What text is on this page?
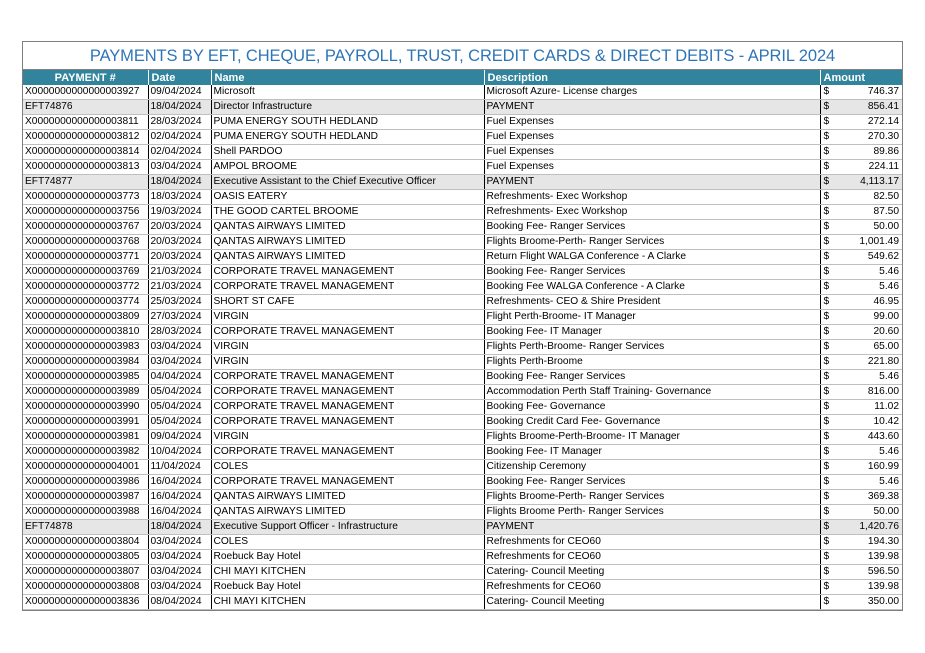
PAYMENTS BY EFT, CHEQUE, PAYROLL, TRUST, CREDIT CARDS & DIRECT DEBITS - APRIL 2024
PAYMENT #	Date	Name	Description	Amount
X0000000000000003927	09/04/2024	Microsoft	Microsoft Azure- License charges	$ 746.37

EFT74876	18/04/2024	Director Infrastructure	PAYMENT	$ 856.41

X0000000000000003811	28/03/2024	PUMA ENERGY SOUTH HEDLAND	Fuel Expenses	$ 272.14

X0000000000000003812	02/04/2024	PUMA ENERGY SOUTH HEDLAND	Fuel Expenses	$ 270.30

X0000000000000003814	02/04/2024	Shell PARDOO	Fuel Expenses	$ 89.86

X0000000000000003813	03/04/2024	AMPOL BROOME	Fuel Expenses	$ 224.11

EFT74877	18/04/2024	Executive Assistant to the Chief Executive Officer	PAYMENT	$ 4,113.17

X0000000000000003773	18/03/2024	OASIS EATERY	Refreshments- Exec Workshop	$ 82.50

X0000000000000003756	19/03/2024	THE GOOD CARTEL BROOME	Refreshments- Exec Workshop	$ 87.50

X0000000000000003767	20/03/2024	QANTAS AIRWAYS LIMITED	Booking Fee- Ranger Services	$ 50.00

X0000000000000003768	20/03/2024	QANTAS AIRWAYS LIMITED	Flights Broome-Perth- Ranger Services	$ 1,001.49

X0000000000000003771	20/03/2024	QANTAS AIRWAYS LIMITED	Return Flight WALGA Conference - A Clarke	$ 549.62

X0000000000000003769	21/03/2024	CORPORATE TRAVEL MANAGEMENT	Booking Fee- Ranger Services	$ 5.46

X0000000000000003772	21/03/2024	CORPORATE TRAVEL MANAGEMENT	Booking Fee WALGA Conference - A Clarke	$ 5.46

X0000000000000003774	25/03/2024	SHORT ST CAFE	Refreshments- CEO & Shire President	$ 46.95

X0000000000000003809	27/03/2024	VIRGIN	Flight Perth-Broome- IT Manager	$ 99.00

X0000000000000003810	28/03/2024	CORPORATE TRAVEL MANAGEMENT	Booking Fee- IT Manager	$ 20.60

X0000000000000003983	03/04/2024	VIRGIN	Flights Perth-Broome- Ranger Services	$ 65.00

X0000000000000003984	03/04/2024	VIRGIN	Flights Perth-Broome	$ 221.80

X0000000000000003985	04/04/2024	CORPORATE TRAVEL MANAGEMENT	Booking Fee- Ranger Services	$ 5.46

X0000000000000003989	05/04/2024	CORPORATE TRAVEL MANAGEMENT	Accommodation Perth Staff Training- Governance	$ 816.00

X0000000000000003990	05/04/2024	CORPORATE TRAVEL MANAGEMENT	Booking Fee- Governance	$ 11.02

X0000000000000003991	05/04/2024	CORPORATE TRAVEL MANAGEMENT	Booking Credit Card Fee- Governance	$ 10.42

X0000000000000003981	09/04/2024	VIRGIN	Flights Broome-Perth-Broome- IT Manager	$ 443.60

X0000000000000003982	10/04/2024	CORPORATE TRAVEL MANAGEMENT	Booking Fee- IT Manager	$ 5.46

X0000000000000004001	11/04/2024	COLES	Citizenship Ceremony	$ 160.99

X0000000000000003986	16/04/2024	CORPORATE TRAVEL MANAGEMENT	Booking Fee- Ranger Services	$ 5.46

X0000000000000003987	16/04/2024	QANTAS AIRWAYS LIMITED	Flights Broome-Perth- Ranger Services	$ 369.38

X0000000000000003988	16/04/2024	QANTAS AIRWAYS LIMITED	Flights Broome Perth- Ranger Services	$ 50.00

EFT74878	18/04/2024	Executive Support Officer - Infrastructure	PAYMENT	$ 1,420.76

X0000000000000003804	03/04/2024	COLES	Refreshments for CEO60	$ 194.30

X0000000000000003805	03/04/2024	Roebuck Bay Hotel	Refreshments for CEO60	$ 139.98

X0000000000000003807	03/04/2024	CHI MAYI KITCHEN	Catering- Council Meeting	$ 596.50

X0000000000000003808	03/04/2024	Roebuck Bay Hotel	Refreshments for CEO60	$ 139.98

X0000000000000003836	08/04/2024	CHI MAYI KITCHEN	Catering- Council Meeting	$ 350.00
